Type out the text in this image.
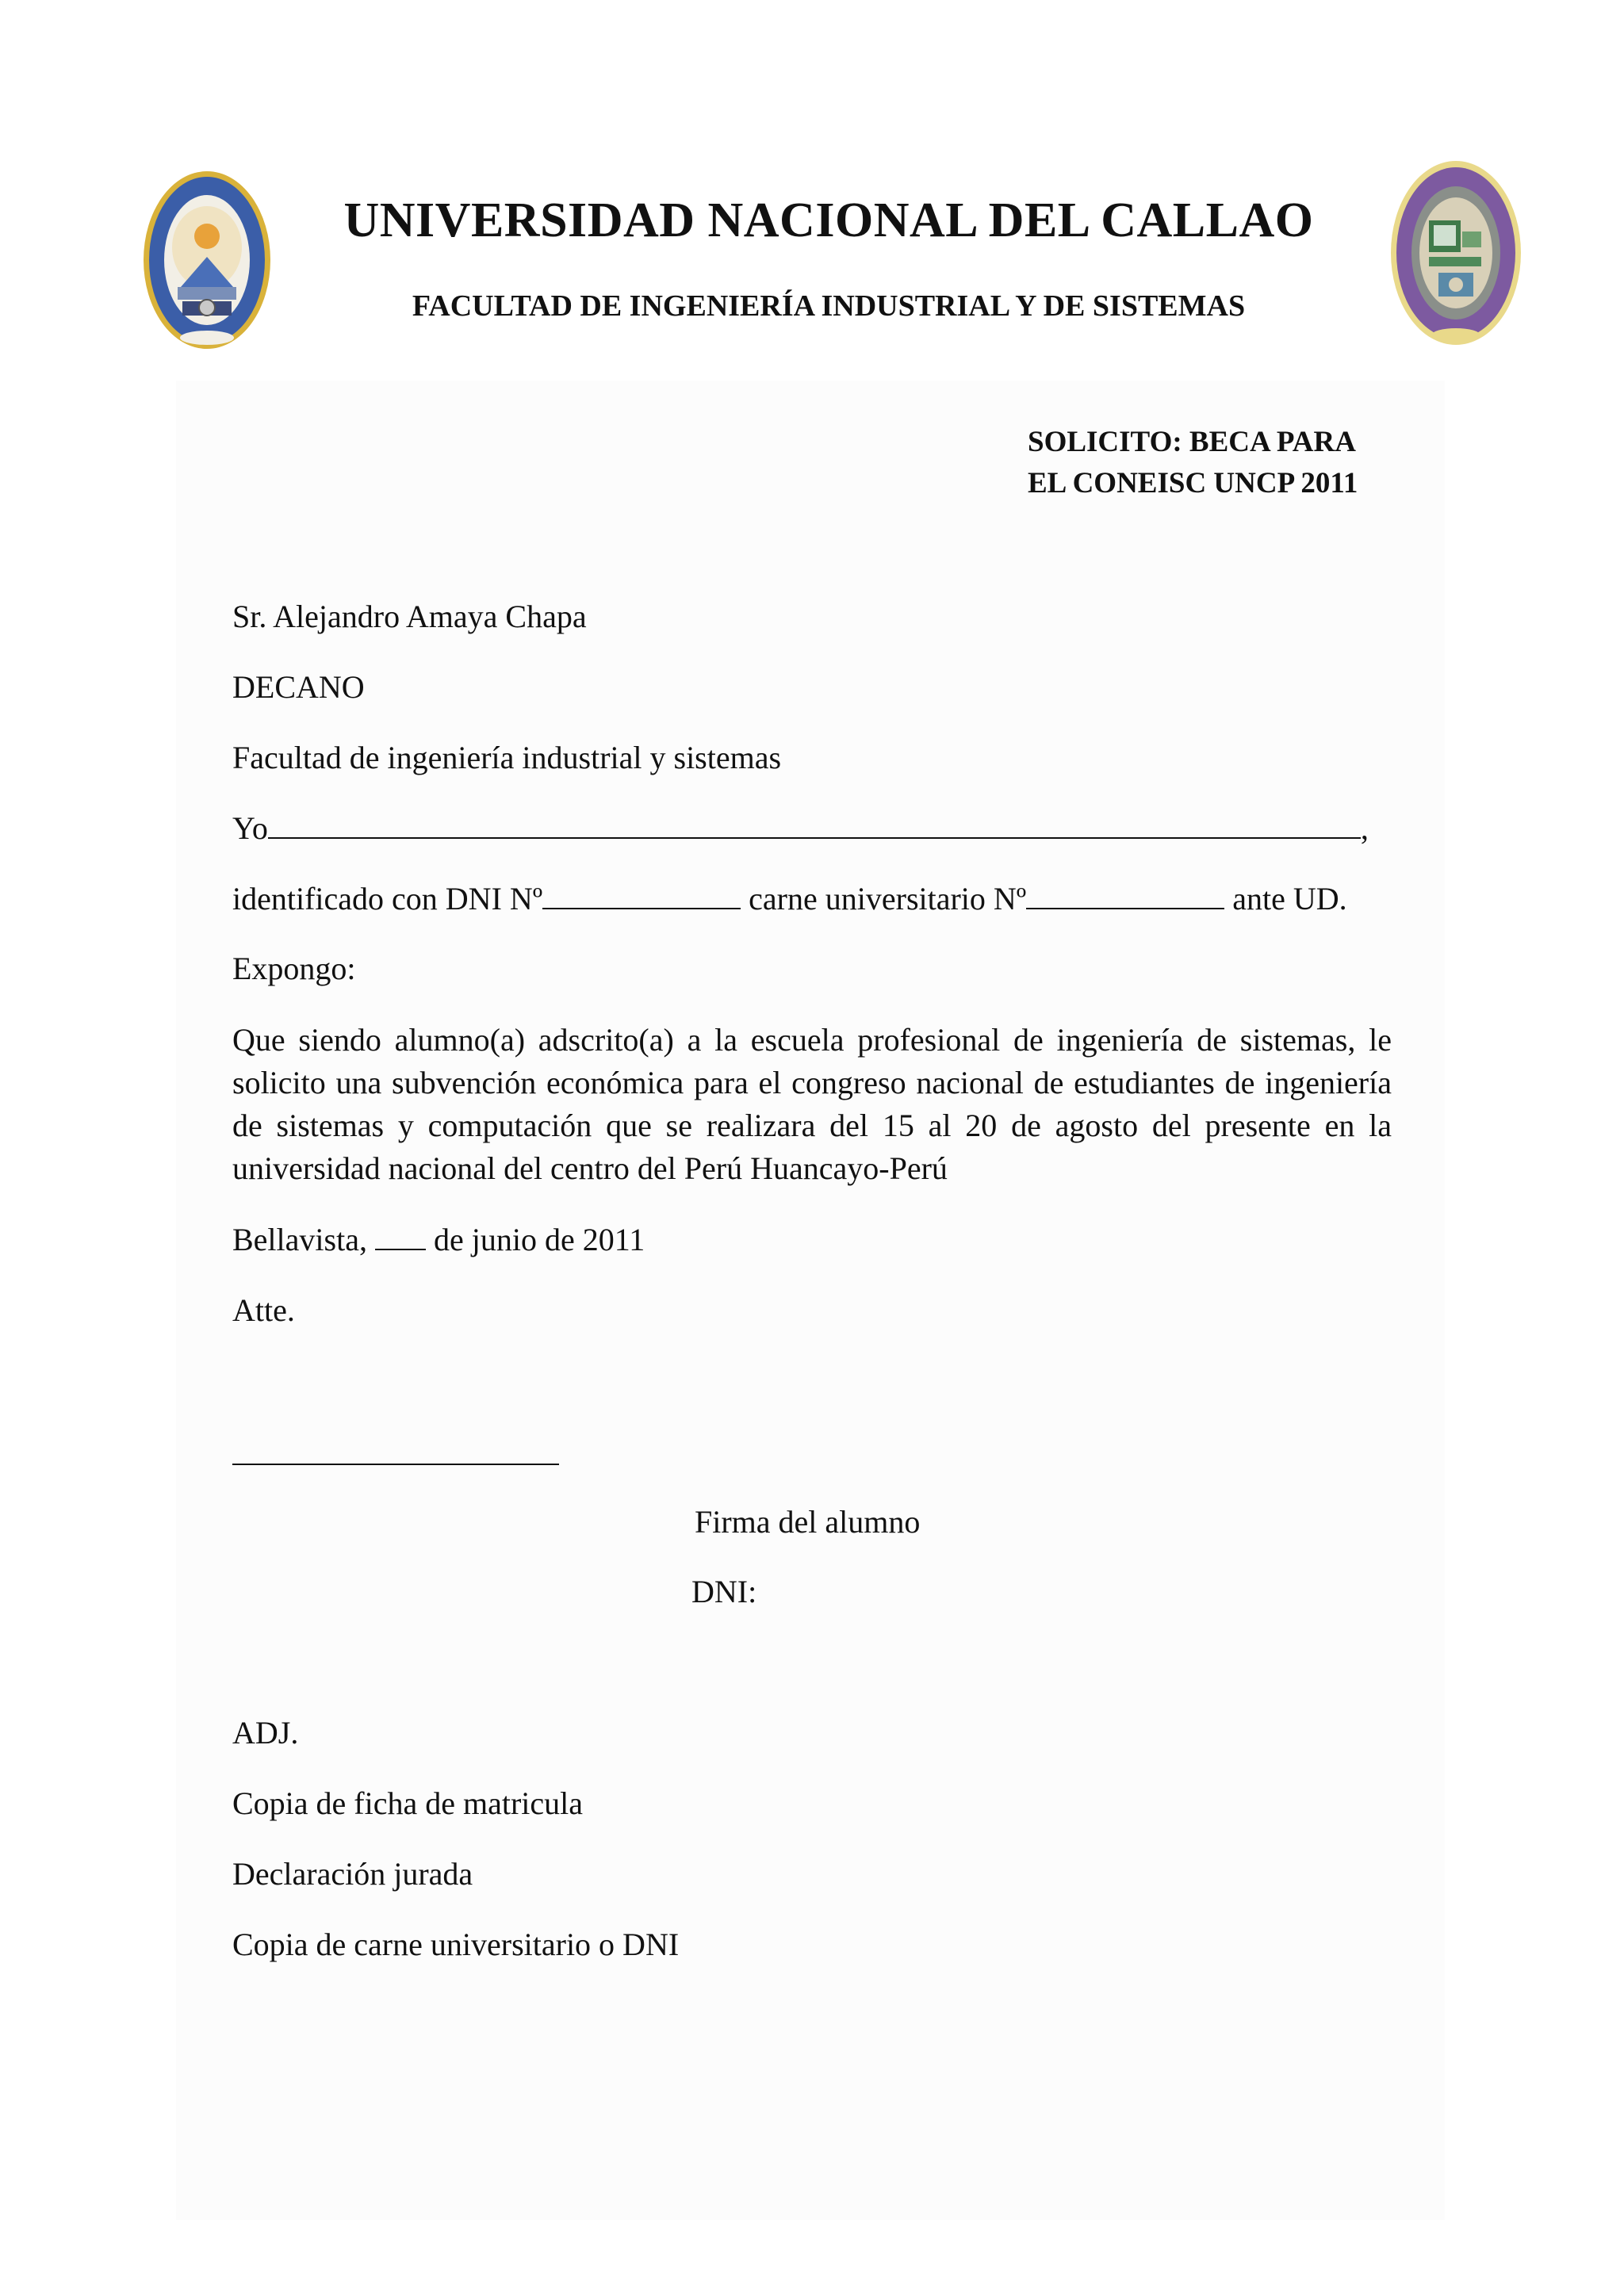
UNIVERSIDAD NACIONAL DEL CALLAO
FACULTAD DE INGENIERÍA INDUSTRIAL Y DE SISTEMAS
SOLICITO: BECA PARA
EL CONEISC UNCP 2011
Sr. Alejandro Amaya Chapa
DECANO
Facultad de ingeniería industrial y sistemas
Yo	,
identificado con DNI Nº	carne universitario Nº	ante UD.
Expongo:
Que siendo alumno(a) adscrito(a) a la escuela profesional de ingeniería de sistemas, le solicito una subvención económica para el congreso nacional de estudiantes de ingeniería de sistemas y computación que se realizara del 15 al 20 de agosto del presente en la universidad nacional del centro del Perú Huancayo-Perú
Bellavista, de junio de 2011
Atte.
Firma del alumno
DNI:
ADJ.
Copia de ficha de matricula
Declaración jurada
Copia de carne universitario o DNI
